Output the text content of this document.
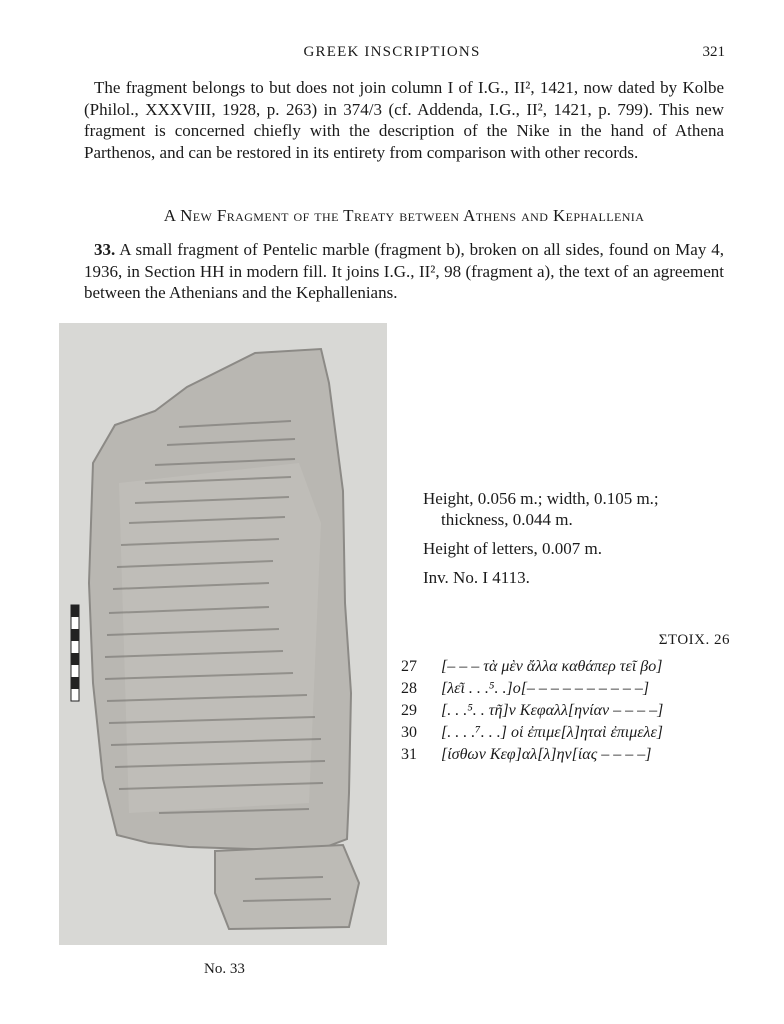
GREEK INSCRIPTIONS	321

The fragment belongs to but does not join column I of I.G., II², 1421, now dated by Kolbe (Philol., XXXVIII, 1928, p. 263) in 374/3 (cf. Addenda, I.G., II², 1421, p. 799). This new fragment is concerned chiefly with the description of the Nike in the hand of Athena Parthenos, and can be restored in its entirety from comparison with other records.

A New Fragment of the Treaty between Athens and Kephallenia

33. A small fragment of Pentelic marble (fragment b), broken on all sides, found on May 4, 1936, in Section ΗΗ in modern fill. It joins I.G., II², 98 (fragment a), the text of an agreement between the Athenians and the Kephallenians.

No. 33

Height, 0.056 m.; width, 0.105 m.; thickness, 0.044 m.

Height of letters, 0.007 m.

Inv. No. I 4113.

ΣΤΟΙΧ. 26
27	[– – – τὰ μὲν ἄλλα καθάπερ τεῖ βο]
28	[λε͂ι . . .⁵. .]ο[– – – – – – – – – –]
29	[. . .⁵. . τῆ]ν Κεφαλλ[ηνίαν – – – –]
30	[. . . .⁷. . .] οἱ ἐπιμε[λ]ηταὶ ἐπιμελε]
31	[ίσθων Κεφ]αλ[λ]ην[ίας – – – –]
